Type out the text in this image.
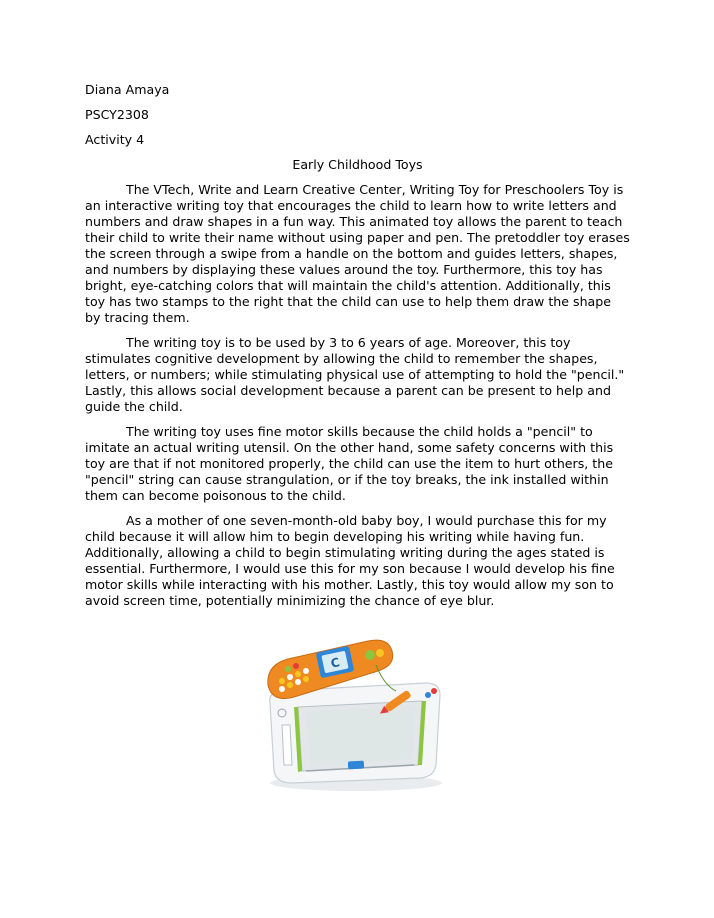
Diana Amaya

PSCY2308

Activity 4

Early Childhood Toys

The VTech, Write and Learn Creative Center, Writing Toy for Preschoolers Toy is an interactive writing toy that encourages the child to learn how to write letters and numbers and draw shapes in a fun way. This animated toy allows the parent to teach their child to write their name without using paper and pen. The pretoddler toy erases the screen through a swipe from a handle on the bottom and guides letters, shapes, and numbers by displaying these values around the toy. Furthermore, this toy has bright, eye-catching colors that will maintain the child's attention. Additionally, this toy has two stamps to the right that the child can use to help them draw the shape by tracing them.

The writing toy is to be used by 3 to 6 years of age. Moreover, this toy stimulates cognitive development by allowing the child to remember the shapes, letters, or numbers; while stimulating physical use of attempting to hold the "pencil." Lastly, this allows social development because a parent can be present to help and guide the child.

The writing toy uses fine motor skills because the child holds a "pencil" to imitate an actual writing utensil. On the other hand, some safety concerns with this toy are that if not monitored properly, the child can use the item to hurt others, the "pencil" string can cause strangulation, or if the toy breaks, the ink installed within them can become poisonous to the child.

As a mother of one seven-month-old baby boy, I would purchase this for my child because it will allow him to begin developing his writing while having fun. Additionally, allowing a child to begin stimulating writing during the ages stated is essential. Furthermore, I would use this for my son because I would develop his fine motor skills while interacting with his mother. Lastly, this toy would allow my son to avoid screen time, potentially minimizing the chance of eye blur.

C
